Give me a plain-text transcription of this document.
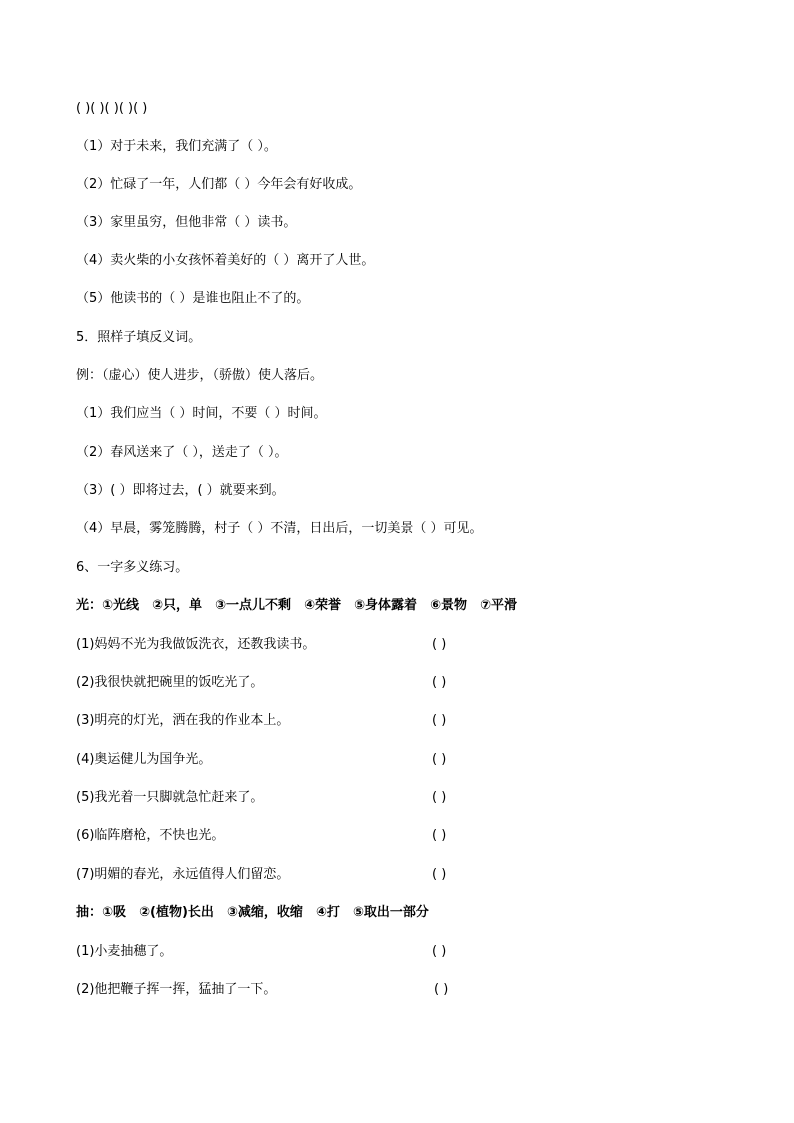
( )( )( )( )( )
（1）对于未来，我们充满了（ ）。
（2）忙碌了一年，人们都（ ）今年会有好收成。
（3）家里虽穷，但他非常（ ）读书。
（4）卖火柴的小女孩怀着美好的（ ）离开了人世。
（5）他读书的（ ）是谁也阻止不了的。
5．照样子填反义词。
例：（虚心）使人进步，（骄傲）使人落后。
（1）我们应当（ ）时间，不要（ ）时间。
（2）春风送来了（ ），送走了（ ）。
（3）( ）即将过去，( ）就要来到。
（4）早晨，雾笼腾腾，村子（ ）不清，日出后，一切美景（ ）可见。
6、一字多义练习。
光：①光线　②只，单　③一点儿不剩　④荣誉　⑤身体露着　⑥景物　⑦平滑
(1)妈妈不光为我做饭洗衣，还教我读书。	( )
(2)我很快就把碗里的饭吃光了。	( )
(3)明亮的灯光，洒在我的作业本上。	( )
(4)奥运健儿为国争光。	( )
(5)我光着一只脚就急忙赶来了。	( )
(6)临阵磨枪，不快也光。	( )
(7)明媚的春光，永远值得人们留恋。	( )
抽：①吸　②(植物)长出　③减缩，收缩　④打　⑤取出一部分
(1)小麦抽穗了。	( )
(2)他把鞭子挥一挥，猛抽了一下。	( )
